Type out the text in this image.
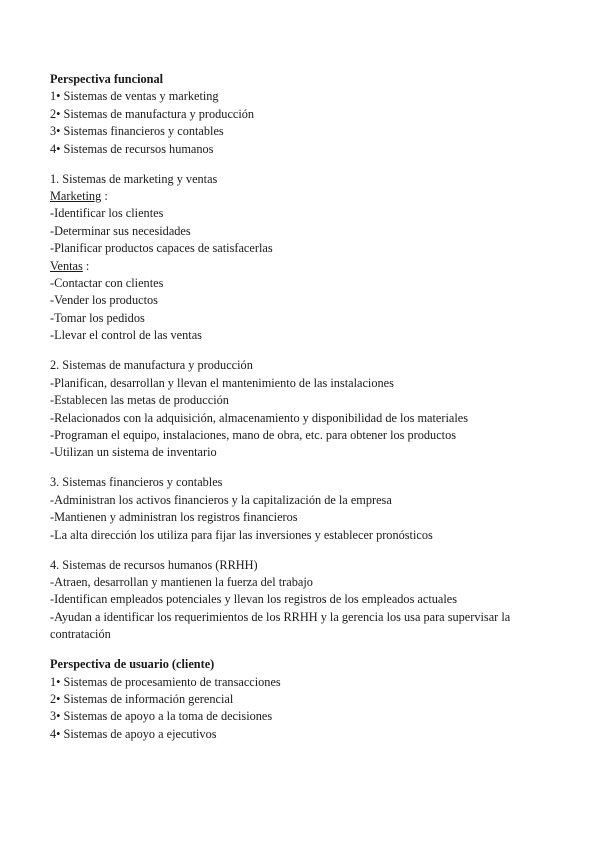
Perspectiva funcional
1• Sistemas de ventas y marketing
2• Sistemas de manufactura y producción
3• Sistemas financieros y contables
4• Sistemas de recursos humanos
1. Sistemas de marketing y ventas
Marketing :
-Identificar los clientes
-Determinar sus necesidades
-Planificar productos capaces de satisfacerlas
Ventas :
-Contactar con clientes
-Vender los productos
-Tomar los pedidos
-Llevar el control de las ventas
2. Sistemas de manufactura y producción
-Planifican, desarrollan y llevan el mantenimiento de las instalaciones
-Establecen las metas de producción
-Relacionados con la adquisición, almacenamiento y disponibilidad de los materiales
-Programan el equipo, instalaciones, mano de obra, etc. para obtener los productos
-Utilizan un sistema de inventario
3. Sistemas financieros y contables
-Administran los activos financieros y la capitalización de la empresa
-Mantienen y administran los registros financieros
-La alta dirección los utiliza para fijar las inversiones y establecer pronósticos
4. Sistemas de recursos humanos (RRHH)
-Atraen, desarrollan y mantienen la fuerza del trabajo
-Identifican empleados potenciales y llevan los registros de los empleados actuales
-Ayudan a identificar los requerimientos de los RRHH y la gerencia los usa para supervisar la contratación
Perspectiva de usuario (cliente)
1• Sistemas de procesamiento de transacciones
2• Sistemas de información gerencial
3• Sistemas de apoyo a la toma de decisiones
4• Sistemas de apoyo a ejecutivos
